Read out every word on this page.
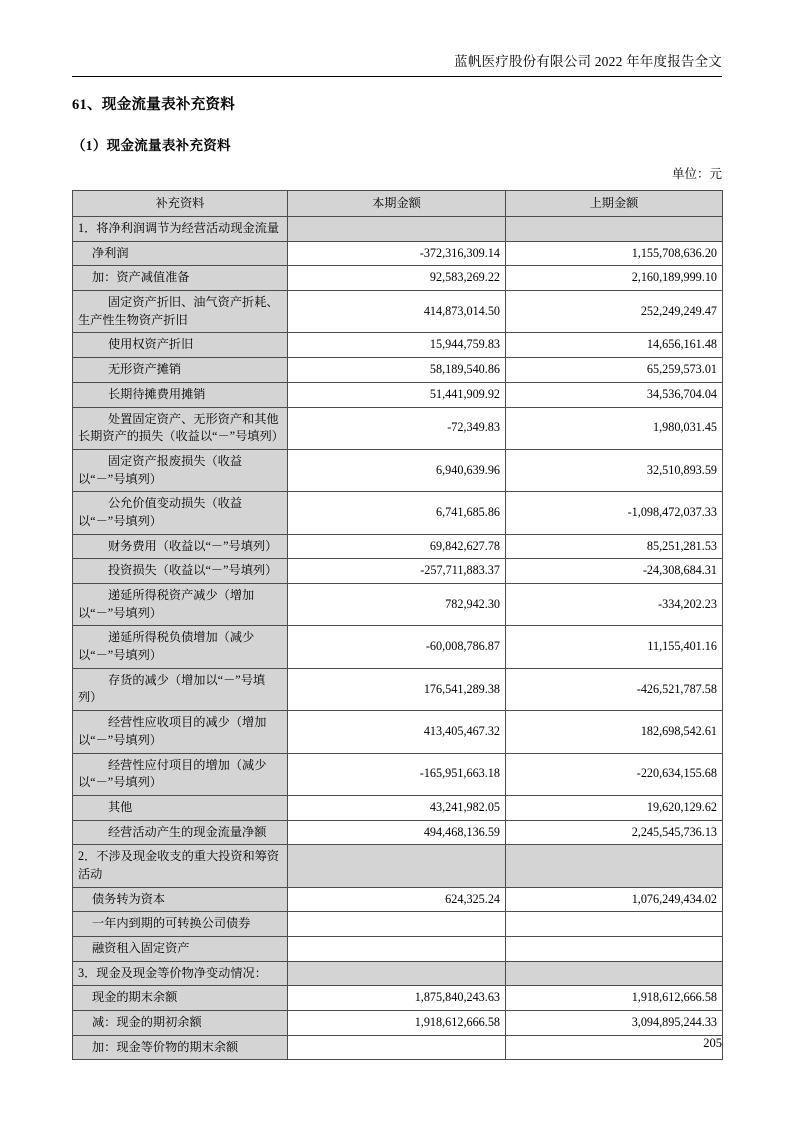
蓝帆医疗股份有限公司 2022 年年度报告全文
61、现金流量表补充资料
（1）现金流量表补充资料
单位：元
补充资料	本期金额	上期金额
1．将净利润调节为经营活动现金流量		
净利润	-372,316,309.14	1,155,708,636.20
加：资产减值准备	92,583,269.22	2,160,189,999.10
固定资产折旧、油气资产折耗、生产性生物资产折旧	414,873,014.50	252,249,249.47
使用权资产折旧	15,944,759.83	14,656,161.48
无形资产摊销	58,189,540.86	65,259,573.01
长期待摊费用摊销	51,441,909.92	34,536,704.04
处置固定资产、无形资产和其他长期资产的损失（收益以“－”号填列）	-72,349.83	1,980,031.45
固定资产报废损失（收益以“－”号填列）	6,940,639.96	32,510,893.59
公允价值变动损失（收益以“－”号填列）	6,741,685.86	-1,098,472,037.33
财务费用（收益以“－”号填列）	69,842,627.78	85,251,281.53
投资损失（收益以“－”号填列）	-257,711,883.37	-24,308,684.31
递延所得税资产减少（增加以“－”号填列）	782,942.30	-334,202.23
递延所得税负债增加（减少以“－”号填列）	-60,008,786.87	11,155,401.16
存货的减少（增加以“－”号填列）	176,541,289.38	-426,521,787.58
经营性应收项目的减少（增加以“－”号填列）	413,405,467.32	182,698,542.61
经营性应付项目的增加（减少以“－”号填列）	-165,951,663.18	-220,634,155.68
其他	43,241,982.05	19,620,129.62
经营活动产生的现金流量净额	494,468,136.59	2,245,545,736.13
2．不涉及现金收支的重大投资和筹资活动		
债务转为资本	624,325.24	1,076,249,434.02
一年内到期的可转换公司债券		
融资租入固定资产		
3．现金及现金等价物净变动情况：		
现金的期末余额	1,875,840,243.63	1,918,612,666.58
减：现金的期初余额	1,918,612,666.58	3,094,895,244.33
加：现金等价物的期末余额			205
